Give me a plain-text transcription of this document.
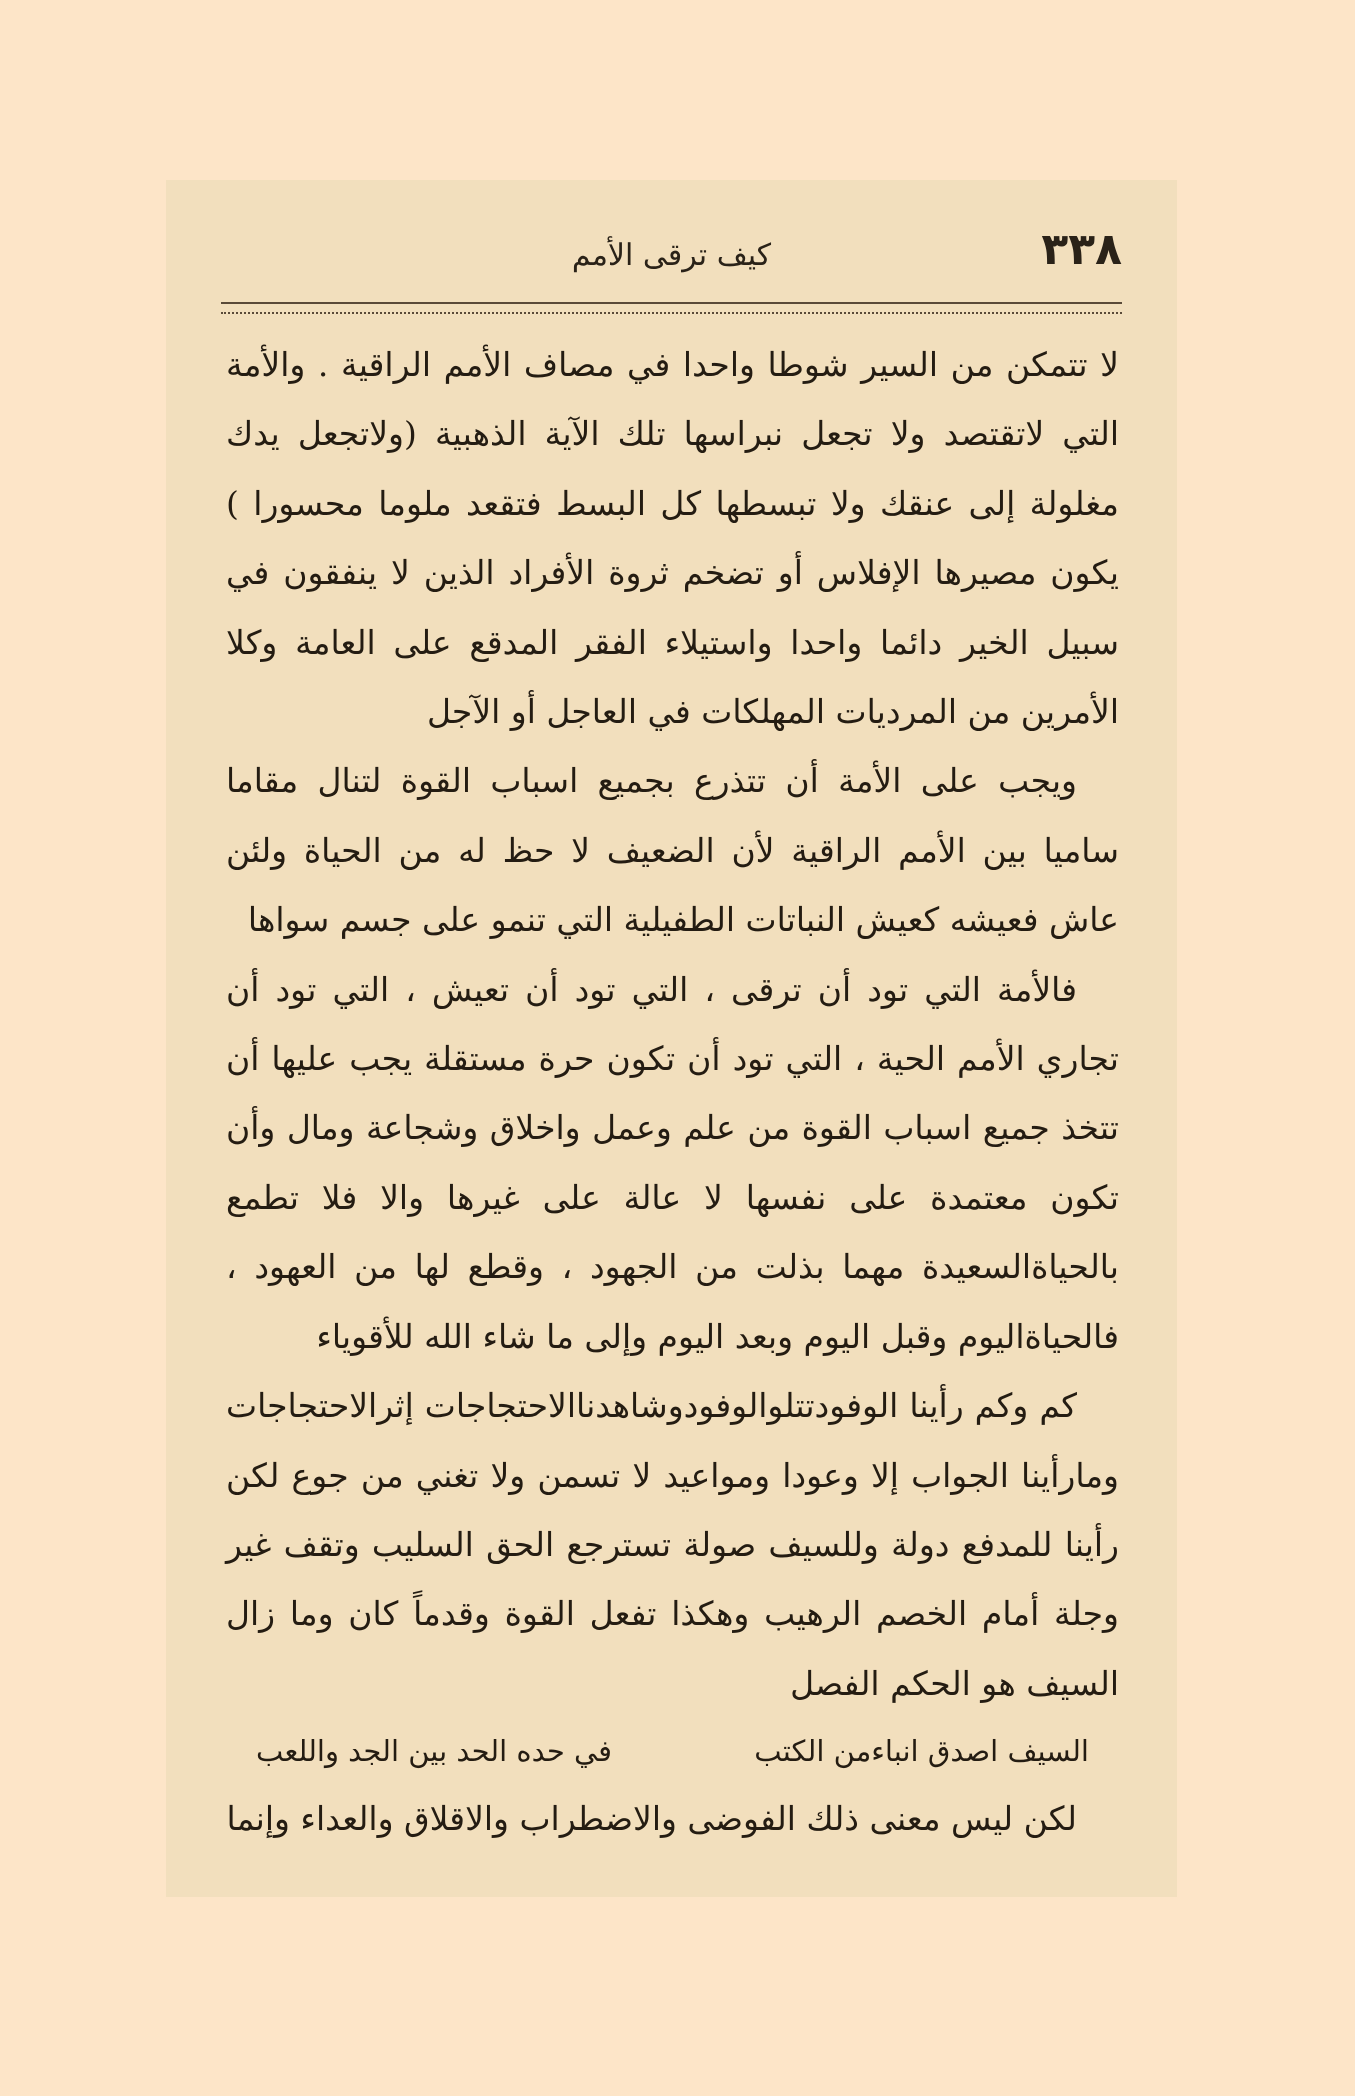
٣٣٨
كيف ترقى الأمم

لا تتمكن من السير شوطا واحدا في مصاف الأمم الراقية . والأمة التي لاتقتصد ولا تجعل نبراسها تلك الآية الذهبية (ولاتجعل يدك مغلولة إلى عنقك ولا تبسطها كل البسط فتقعد ملوما محسورا ) يكون مصيرها الإفلاس أو تضخم ثروة الأفراد الذين لا ينفقون في سبيل الخير دائما واحدا واستيلاء الفقر المدقع على العامة وكلا الأمرين من المرديات المهلكات في العاجل أو الآجل

ويجب على الأمة أن تتذرع بجميع اسباب القوة لتنال مقاما ساميا بين الأمم الراقية لأن الضعيف لا حظ له من الحياة ولئن عاش فعيشه كعيش النباتات الطفيلية التي تنمو على جسم سواها

فالأمة التي تود أن ترقى ، التي تود أن تعيش ، التي تود أن تجاري الأمم الحية ، التي تود أن تكون حرة مستقلة يجب عليها أن تتخذ جميع اسباب القوة من علم وعمل واخلاق وشجاعة ومال وأن تكون معتمدة على نفسها لا عالة على غيرها والا فلا تطمع بالحياةالسعيدة مهما بذلت من الجهود ، وقطع لها من العهود ، فالحياةاليوم وقبل اليوم وبعد اليوم وإلى ما شاء الله للأقوياء

كم وكم رأينا الوفودتتلوالوفودوشاهدناالاحتجاجات إثرالاحتجاجات ومارأينا الجواب إلا وعودا ومواعيد لا تسمن ولا تغني من جوع لكن رأينا للمدفع دولة وللسيف صولة تسترجع الحق السليب وتقف غير وجلة أمام الخصم الرهيب وهكذا تفعل القوة وقدماً كان وما زال السيف هو الحكم الفصل

السيف اصدق انباءمن الكتب
في حده الحد بين الجد واللعب

لكن ليس معنى ذلك الفوضى والاضطراب والاقلاق والعداء وإنما
